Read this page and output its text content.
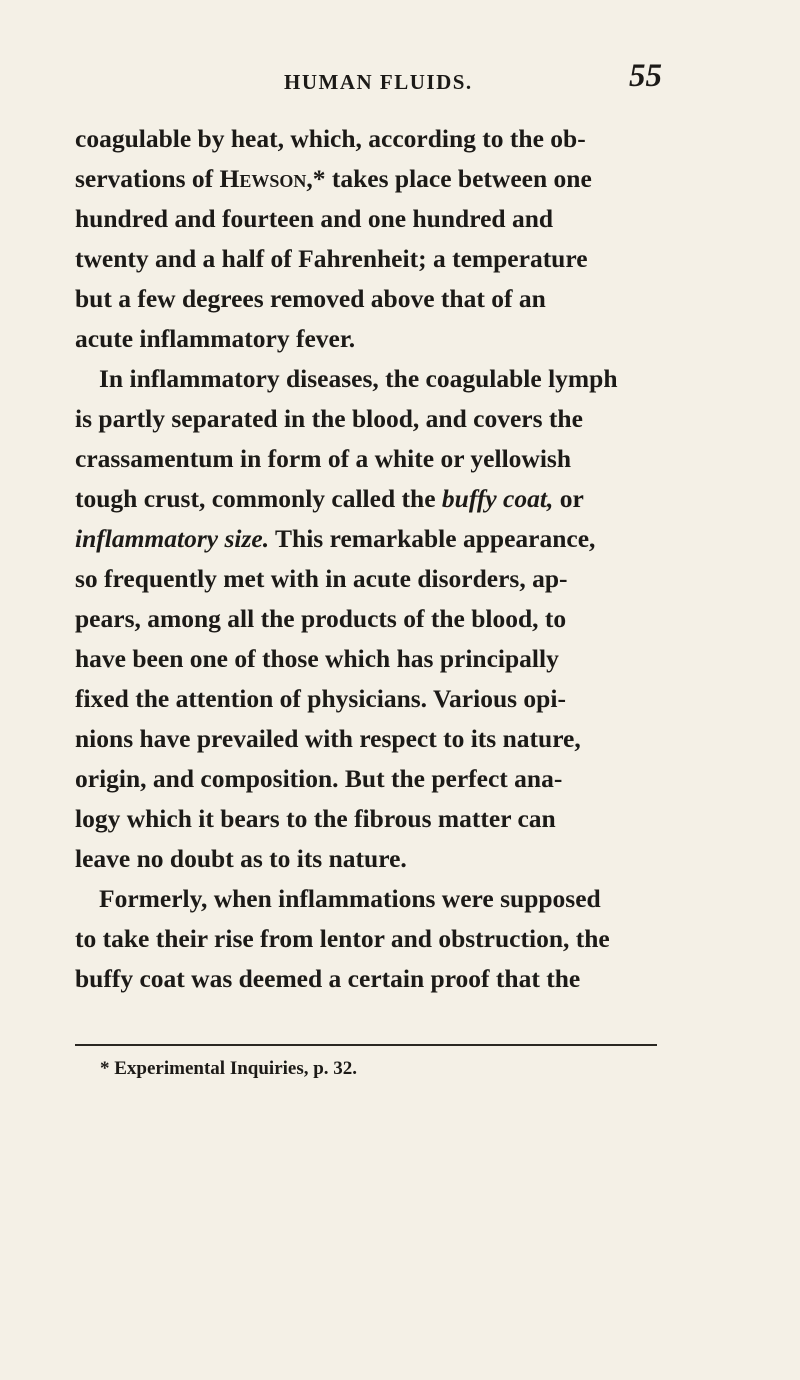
HUMAN FLUIDS.	55
coagulable by heat, which, according to the ob-
servations of Hewson,* takes place between one
hundred and fourteen and one hundred and
twenty and a half of Fahrenheit; a temperature
but a few degrees removed above that of an
acute inflammatory fever.
In inflammatory diseases, the coagulable lymph
is partly separated in the blood, and covers the
crassamentum in form of a white or yellowish
tough crust, commonly called the buffy coat, or
inflammatory size. This remarkable appearance,
so frequently met with in acute disorders, ap-
pears, among all the products of the blood, to
have been one of those which has principally
fixed the attention of physicians. Various opi-
nions have prevailed with respect to its nature,
origin, and composition. But the perfect ana-
logy which it bears to the fibrous matter can
leave no doubt as to its nature.
Formerly, when inflammations were supposed
to take their rise from lentor and obstruction, the
buffy coat was deemed a certain proof that the
* Experimental Inquiries, p. 32.
